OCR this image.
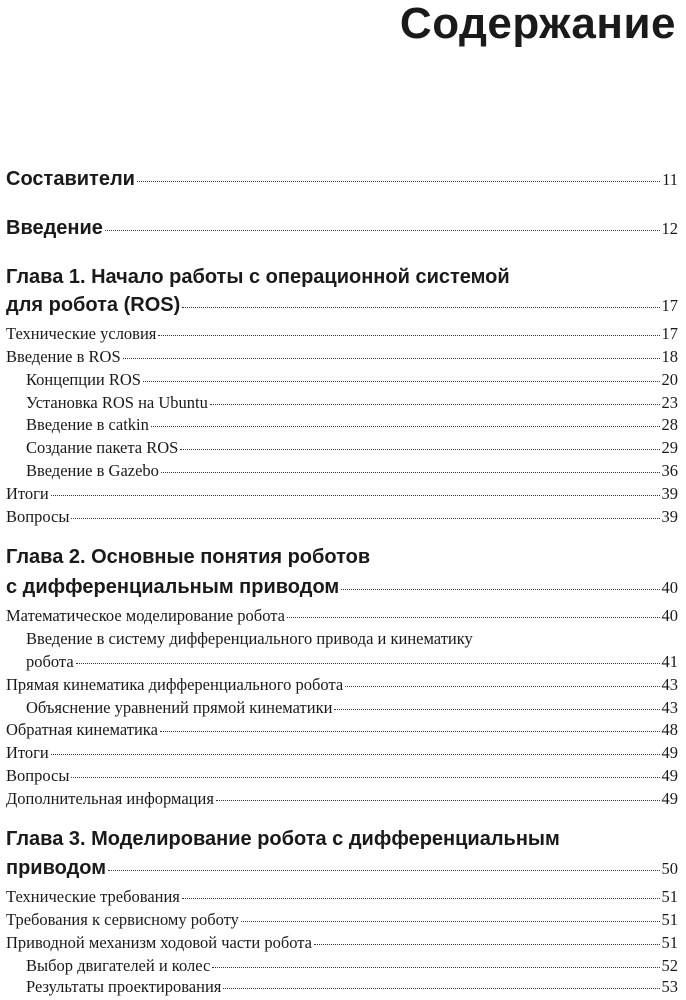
Содержание
Составители	11
Введение	12
Глава 1. Начало работы с операционной системой
для робота (ROS)	17
Технические условия	17
Введение в ROS	18
Концепции ROS	20
Установка ROS на Ubuntu	23
Введение в catkin	28
Создание пакета ROS	29
Введение в Gazebo	36
Итоги	39
Вопросы	39
Глава 2. Основные понятия роботов
с дифференциальным приводом	40
Математическое моделирование робота	40
Введение в систему дифференциального привода и кинематику
робота	41
Прямая кинематика дифференциального робота	43
Объяснение уравнений прямой кинематики	43
Обратная кинематика	48
Итоги	49
Вопросы	49
Дополнительная информация	49
Глава 3. Моделирование робота с дифференциальным
приводом	50
Технические требования	51
Требования к сервисному роботу	51
Приводной механизм ходовой части робота	51
Выбор двигателей и колес	52
Результаты проектирования	53
